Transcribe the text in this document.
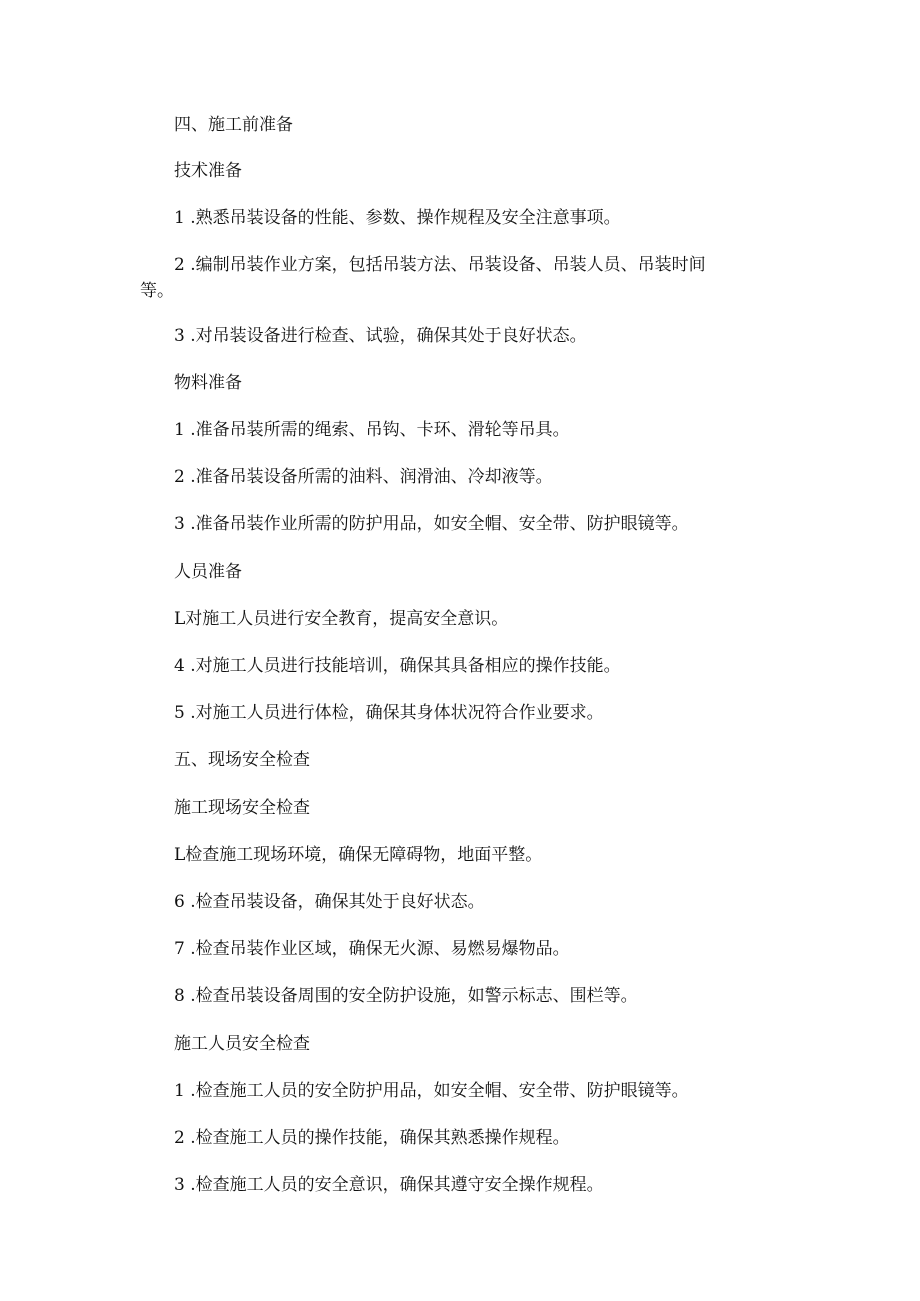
四、施工前准备
技术准备
1 .熟悉吊装设备的性能、参数、操作规程及安全注意事项。
2 .编制吊装作业方案，包括吊装方法、吊装设备、吊装人员、吊装时间
等。
3 .对吊装设备进行检查、试验，确保其处于良好状态。
物料准备
1 .准备吊装所需的绳索、吊钩、卡环、滑轮等吊具。
2 .准备吊装设备所需的油料、润滑油、冷却液等。
3 .准备吊装作业所需的防护用品，如安全帽、安全带、防护眼镜等。
人员准备
L对施工人员进行安全教育，提高安全意识。
4 .对施工人员进行技能培训，确保其具备相应的操作技能。
5 .对施工人员进行体检，确保其身体状况符合作业要求。
五、现场安全检查
施工现场安全检查
L检查施工现场环境，确保无障碍物，地面平整。
6 .检查吊装设备，确保其处于良好状态。
7 .检查吊装作业区域，确保无火源、易燃易爆物品。
8 .检查吊装设备周围的安全防护设施，如警示标志、围栏等。
施工人员安全检查
1 .检查施工人员的安全防护用品，如安全帽、安全带、防护眼镜等。
2 .检查施工人员的操作技能，确保其熟悉操作规程。
3 .检查施工人员的安全意识，确保其遵守安全操作规程。
